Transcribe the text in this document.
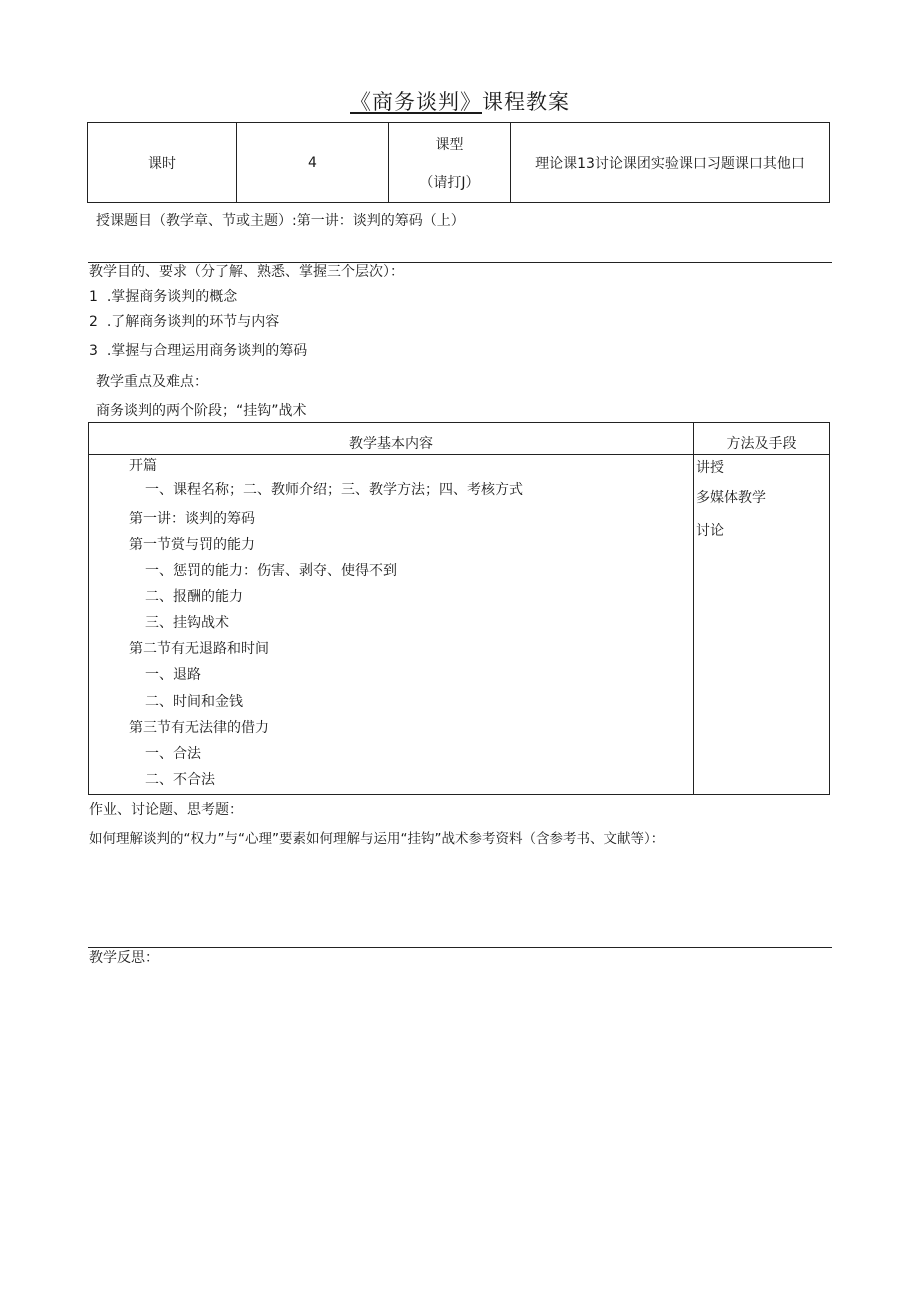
《商务谈判》课程教案
课时	4
课型
（请打J）
理论课13讨论课团实验课口习题课口其他口
授课题目（教学章、节或主题）:第一讲：谈判的筹码（上）
教学目的、要求（分了解、熟悉、掌握三个层次）：
1 .掌握商务谈判的概念
2 .了解商务谈判的环节与内容
3 .掌握与合理运用商务谈判的筹码
教学重点及难点：
商务谈判的两个阶段；“挂钩”战术
教学基本内容	方法及手段
开篇
一、课程名称；二、教师介绍；三、教学方法；四、考核方式
第一讲：谈判的筹码
第一节赏与罚的能力
一、惩罚的能力：伤害、剥夺、使得不到
二、报酬的能力
三、挂钩战术
第二节有无退路和时间
一、退路
二、时间和金钱
第三节有无法律的借力
一、合法
二、不合法
讲授
多媒体教学
讨论
作业、讨论题、思考题：
如何理解谈判的“权力”与“心理”要素如何理解与运用“挂钩”战术参考资料（含参考书、文献等）：
教学反思：
